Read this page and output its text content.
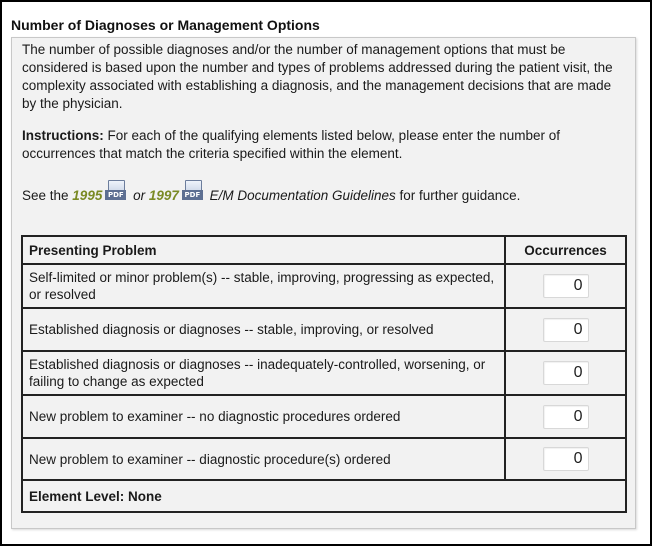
Number of Diagnoses or Management Options
The number of possible diagnoses and/or the number of management options that must be considered is based upon the number and types of problems addressed during the patient visit, the complexity associated with establishing a diagnosis, and the management decisions that are made by the physician.
Instructions: For each of the qualifying elements listed below, please enter the number of occurrences that match the criteria specified within the element.
See the 1995 PDF or 1997 PDF E/M Documentation Guidelines for further guidance.
Presenting Problem	Occurrences
Self-limited or minor problem(s) -- stable, improving, progressing as expected, or resolved
0
Established diagnosis or diagnoses -- stable, improving, or resolved
0
Established diagnosis or diagnoses -- inadequately-controlled, worsening, or failing to change as expected
0
New problem to examiner -- no diagnostic procedures ordered
0
New problem to examiner -- diagnostic procedure(s) ordered
0
Element Level: None
